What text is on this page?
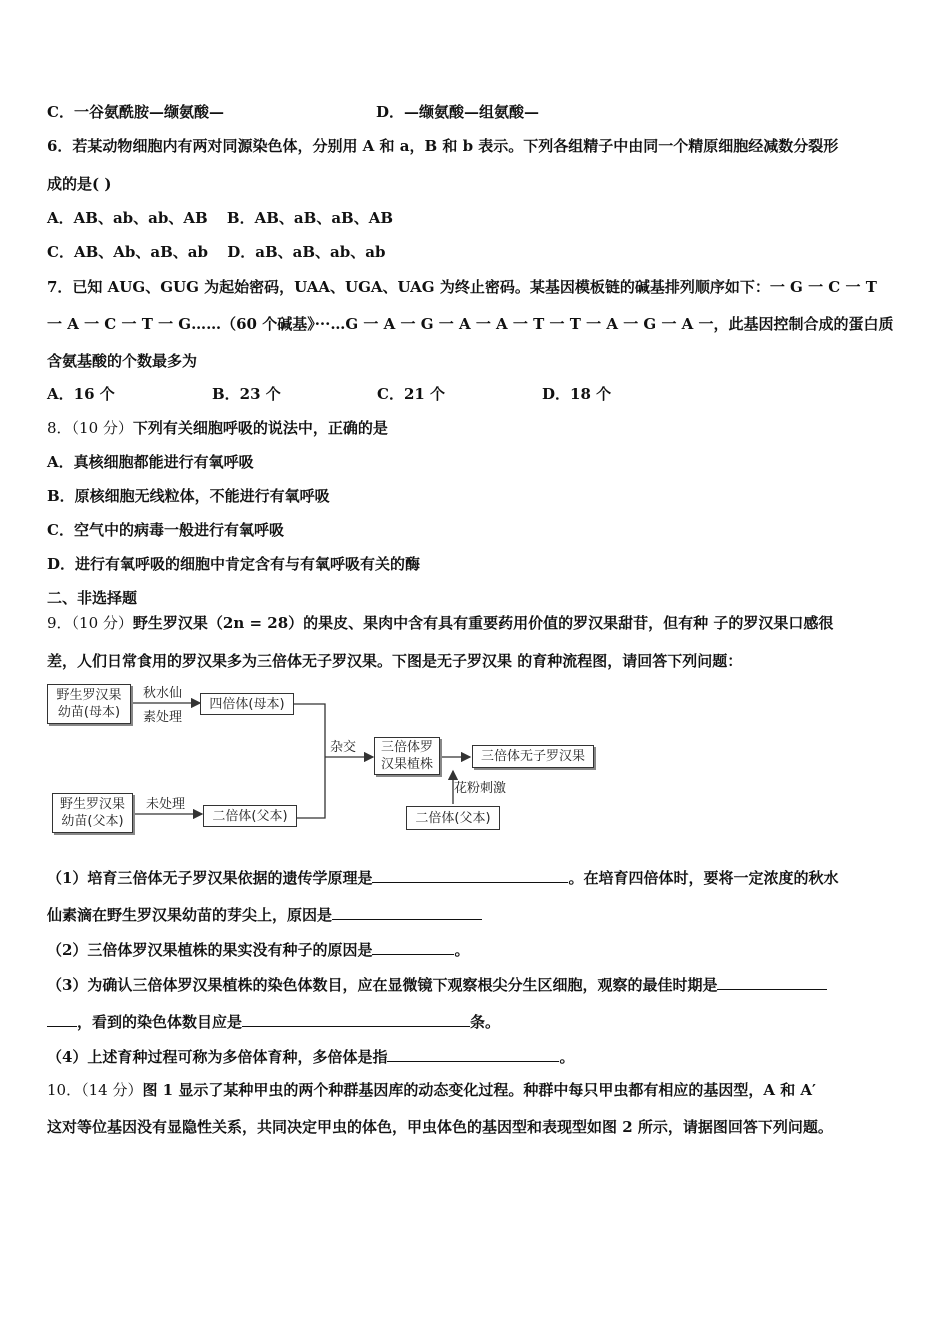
C．一谷氨酰胺—缬氨酸—	D．—缬氨酸—组氨酸—
6．若某动物细胞内有两对同源染色体，分别用 A 和 a，B 和 b 表示。下列各组精子中由同一个精原细胞经减数分裂形
成的是( )
A．AB、ab、ab、AB B．AB、aB、aB、AB
C．AB、Ab、aB、ab D．aB、aB、ab、ab
7．已知 AUG、GUG 为起始密码，UAA、UGA、UAG 为终止密码。某基因模板链的碱基排列顺序如下：一 G 一 C 一 T
一 A 一 C 一 T 一 G……（60 个碱基》···…G 一 A 一 G 一 A 一 A 一 T 一 T 一 A 一 G 一 A 一，此基因控制合成的蛋白质
含氨基酸的个数最多为
A．16 个	B．23 个	C．21 个	D．18 个
8．（10 分）下列有关细胞呼吸的说法中，正确的是
A．真核细胞都能进行有氧呼吸
B．原核细胞无线粒体，不能进行有氧呼吸
C．空气中的病毒一般进行有氧呼吸
D．进行有氧呼吸的细胞中肯定含有与有氧呼吸有关的酶
二、非选择题
9．（10 分）野生罗汉果（2n = 28）的果皮、果肉中含有具有重要药用价值的罗汉果甜苷，但有种 子的罗汉果口感很
差，人们日常食用的罗汉果多为三倍体无子罗汉果。下图是无子罗汉果 的育种流程图，请回答下列问题：
野生罗汉果
幼苗(母本)
秋水仙
素处理
四倍体(母本)
杂交 三倍体罗
汉果植株
三倍体无子罗汉果
野生罗汉果
幼苗(父本)
未处理
二倍体(父本)
花粉刺激
二倍体(父本)
（1）培育三倍体无子罗汉果依据的遗传学原理是	。在培育四倍体时，要将一定浓度的秋水
仙素滴在野生罗汉果幼苗的芽尖上，原因是
（2）三倍体罗汉果植株的果实没有种子的原因是	。
（3）为确认三倍体罗汉果植株的染色体数目，应在显微镜下观察根尖分生区细胞，观察的最佳时期是
，看到的染色体数目应是	条。
（4）上述育种过程可称为多倍体育种，多倍体是指	。
10．（14 分）图 1 显示了某种甲虫的两个种群基因库的动态变化过程。种群中每只甲虫都有相应的基因型，A 和 A′
这对等位基因没有显隐性关系，共同决定甲虫的体色，甲虫体色的基因型和表现型如图 2 所示，请据图回答下列问题。
